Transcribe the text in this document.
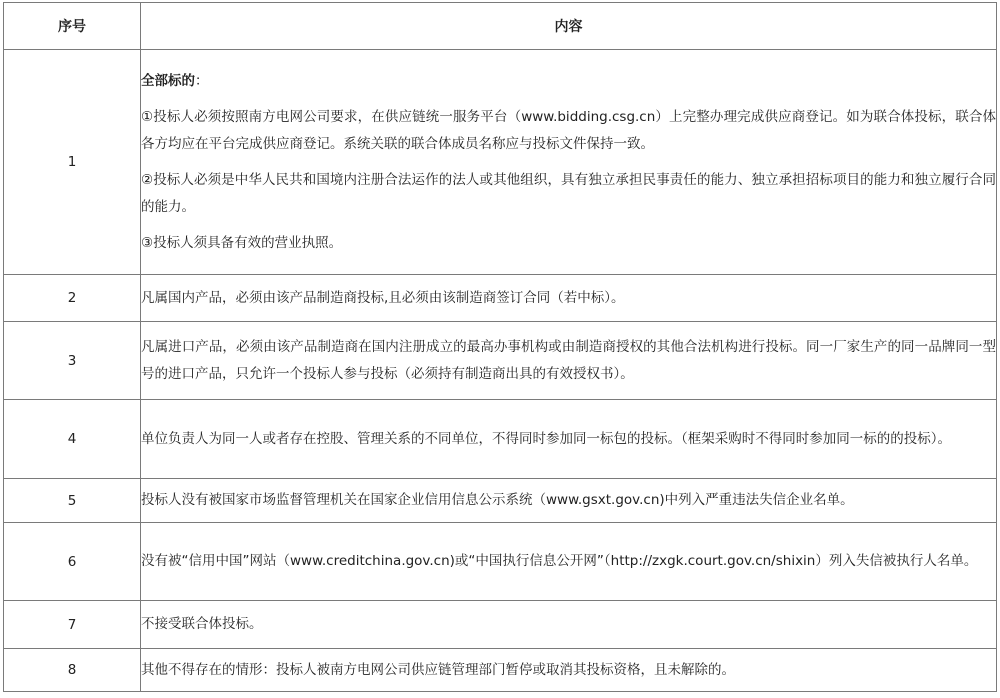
序号	内容
1	全部标的：

①投标人必须按照南方电网公司要求，在供应链统一服务平台（www.bidding.csg.cn）上完整办理完成供应商登记。如为联合体投标，联合体各方均应在平台完成供应商登记。系统关联的联合体成员名称应与投标文件保持一致。

②投标人必须是中华人民共和国境内注册合法运作的法人或其他组织，具有独立承担民事责任的能力、独立承担招标项目的能力和独立履行合同的能力。

③投标人须具备有效的营业执照。

2	凡属国内产品，必须由该产品制造商投标,且必须由该制造商签订合同（若中标）。
3	凡属进口产品，必须由该产品制造商在国内注册成立的最高办事机构或由制造商授权的其他合法机构进行投标。同一厂家生产的同一品牌同一型号的进口产品，只允许一个投标人参与投标（必须持有制造商出具的有效授权书）。
4	单位负责人为同一人或者存在控股、管理关系的不同单位，不得同时参加同一标包的投标。（框架采购时不得同时参加同一标的的投标）。
5	投标人没有被国家市场监督管理机关在国家企业信用信息公示系统（www.gsxt.gov.cn)中列入严重违法失信企业名单。
6	没有被“信用中国”网站（www.creditchina.gov.cn)或“中国执行信息公开网”（http://zxgk.court.gov.cn/shixin）列入失信被执行人名单。
7	不接受联合体投标。
8	其他不得存在的情形：投标人被南方电网公司供应链管理部门暂停或取消其投标资格，且未解除的。
